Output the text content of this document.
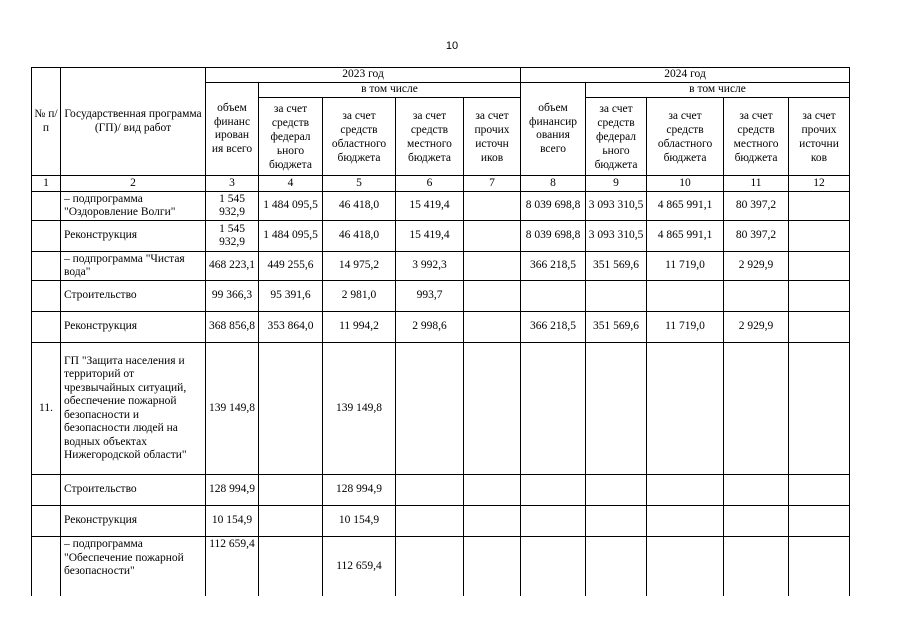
10
№ п/п	Государственная программа (ГП)/ вид работ	2023 год					2024 год				
		объем финанс ирован ия всего	в том числе				объем финансир ования всего	в том числе			
			за счет средств федерал ьного бюджета	за счет средств областного бюджета	за счет средств местного бюджета	за счет прочих источн иков		за счет средств федерал ьного бюджета	за счет средств областного бюджета	за счет средств местного бюджета	за счет прочих источни ков
1	2	3	4	5	6	7	8	9	10	11	12
	– подпрограмма "Оздоровление Волги"	1 545 932,9	1 484 095,5	46 418,0	15 419,4		8 039 698,8	3 093 310,5	4 865 991,1	80 397,2	
	Реконструкция	1 545 932,9	1 484 095,5	46 418,0	15 419,4		8 039 698,8	3 093 310,5	4 865 991,1	80 397,2	
	– подпрограмма "Чистая вода"	468 223,1	449 255,6	14 975,2	3 992,3		366 218,5	351 569,6	11 719,0	2 929,9	
	Строительство	99 366,3	95 391,6	2 981,0	993,7						
	Реконструкция	368 856,8	353 864,0	11 994,2	2 998,6		366 218,5	351 569,6	11 719,0	2 929,9	
11.	ГП "Защита населения и территорий от чрезвычайных ситуаций, обеспечение пожарной безопасности и безопасности людей на водных объектах Нижегородской области"	139 149,8		139 149,8							
	Строительство	128 994,9		128 994,9							
	Реконструкция	10 154,9		10 154,9							
	– подпрограмма "Обеспечение пожарной безопасности"	112 659,4		112 659,4							
